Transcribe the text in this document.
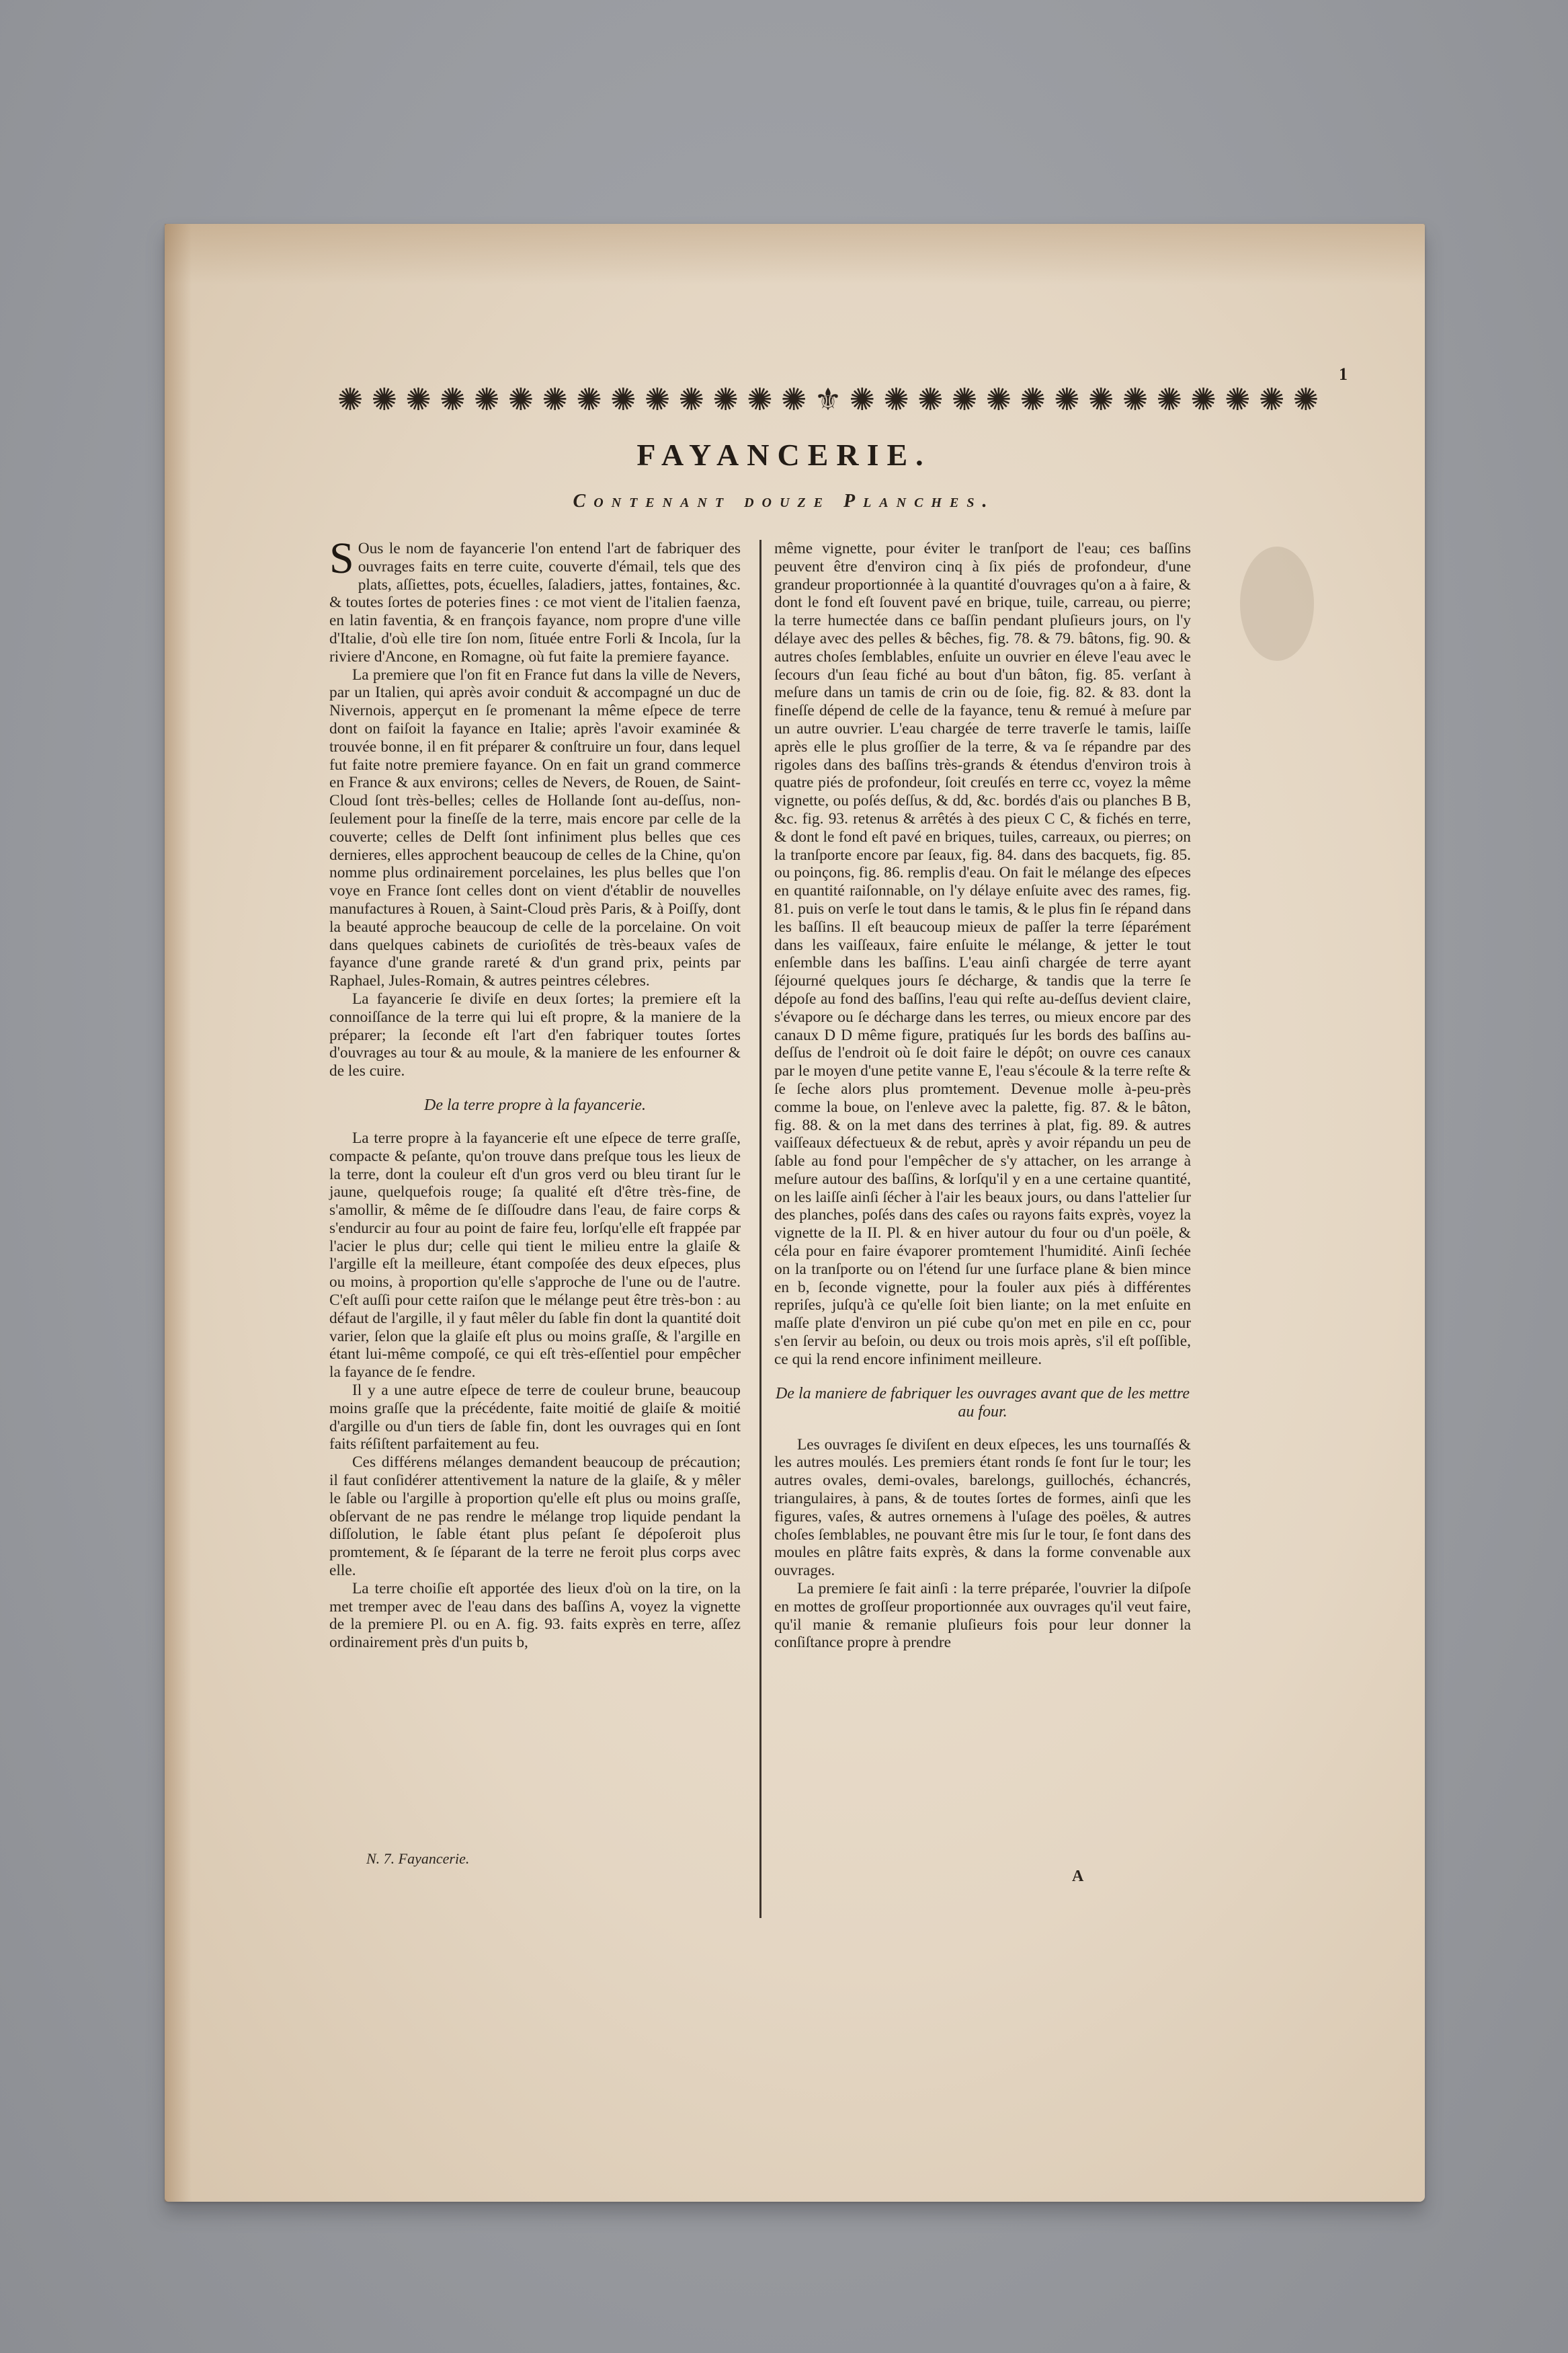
1
✺ ✺ ✺ ✺ ✺ ✺ ✺ ✺ ✺ ✺ ✺ ✺ ✺ ✺ ⚜ ✺ ✺ ✺ ✺ ✺ ✺ ✺ ✺ ✺ ✺ ✺ ✺ ✺ ✺
FAYANCERIE.
Contenant douze Planches.

S Ous le nom de fayancerie l'on entend l'art de fabriquer des ouvrages faits en terre cuite, couverte d'émail, tels que des plats, aſſiettes, pots, écuelles, ſaladiers, jattes, fontaines, &c. & toutes ſortes de poteries fines : ce mot vient de l'italien faenza, en latin faventia, & en françois fayance, nom propre d'une ville d'Italie, d'où elle tire ſon nom, ſituée entre Forli & Incola, ſur la riviere d'Ancone, en Romagne, où fut faite la premiere fayance.

La premiere que l'on fit en France fut dans la ville de Nevers, par un Italien, qui après avoir conduit & accompagné un duc de Nivernois, apperçut en ſe promenant la même eſpece de terre dont on faiſoit la fayance en Italie; après l'avoir examinée & trouvée bonne, il en fit préparer & conſtruire un four, dans lequel fut faite notre premiere fayance. On en fait un grand commerce en France & aux environs; celles de Nevers, de Rouen, de Saint-Cloud ſont très-belles; celles de Hollande ſont au-deſſus, non-ſeulement pour la fineſſe de la terre, mais encore par celle de la couverte; celles de Delft ſont infiniment plus belles que ces dernieres, elles approchent beaucoup de celles de la Chine, qu'on nomme plus ordinairement porcelaines, les plus belles que l'on voye en France ſont celles dont on vient d'établir de nouvelles manufactures à Rouen, à Saint-Cloud près Paris, & à Poiſſy, dont la beauté approche beaucoup de celle de la porcelaine. On voit dans quelques cabinets de curioſités de très-beaux vaſes de fayance d'une grande rareté & d'un grand prix, peints par Raphael, Jules-Romain, & autres peintres célebres.

La fayancerie ſe diviſe en deux ſortes; la premiere eſt la connoiſſance de la terre qui lui eſt propre, & la maniere de la préparer; la ſeconde eſt l'art d'en fabriquer toutes ſortes d'ouvrages au tour & au moule, & la maniere de les enfourner & de les cuire.

De la terre propre à la fayancerie.

La terre propre à la fayancerie eſt une eſpece de terre graſſe, compacte & peſante, qu'on trouve dans preſque tous les lieux de la terre, dont la couleur eſt d'un gros verd ou bleu tirant ſur le jaune, quelquefois rouge; ſa qualité eſt d'être très-fine, de s'amollir, & même de ſe diſſoudre dans l'eau, de faire corps & s'endurcir au four au point de faire feu, lorſqu'elle eſt frappée par l'acier le plus dur; celle qui tient le milieu entre la glaiſe & l'argille eſt la meilleure, étant compoſée des deux eſpeces, plus ou moins, à proportion qu'elle s'approche de l'une ou de l'autre. C'eſt auſſi pour cette raiſon que le mélange peut être très-bon : au défaut de l'argille, il y faut mêler du ſable fin dont la quantité doit varier, ſelon que la glaiſe eſt plus ou moins graſſe, & l'argille en étant lui-même compoſé, ce qui eſt très-eſſentiel pour empêcher la fayance de ſe fendre.

Il y a une autre eſpece de terre de couleur brune, beaucoup moins graſſe que la précédente, faite moitié de glaiſe & moitié d'argille ou d'un tiers de ſable fin, dont les ouvrages qui en ſont faits réſiſtent parfaitement au feu.

Ces différens mélanges demandent beaucoup de précaution; il faut conſidérer attentivement la nature de la glaiſe, & y mêler le ſable ou l'argille à proportion qu'elle eſt plus ou moins graſſe, obſervant de ne pas rendre le mélange trop liquide pendant la diſſolution, le ſable étant plus peſant ſe dépoſeroit plus promtement, & ſe ſéparant de la terre ne feroit plus corps avec elle.

La terre choiſie eſt apportée des lieux d'où on la tire, on la met tremper avec de l'eau dans des baſſins A, voyez la vignette de la premiere Pl. ou en A. fig. 93. faits exprès en terre, aſſez ordinairement près d'un puits b,

même vignette, pour éviter le tranſport de l'eau; ces baſſins peuvent être d'environ cinq à ſix piés de profondeur, d'une grandeur proportionnée à la quantité d'ouvrages qu'on a à faire, & dont le fond eſt ſouvent pavé en brique, tuile, carreau, ou pierre; la terre humectée dans ce baſſin pendant pluſieurs jours, on l'y délaye avec des pelles & bêches, fig. 78. & 79. bâtons, fig. 90. & autres choſes ſemblables, enſuite un ouvrier en éleve l'eau avec le ſecours d'un ſeau fiché au bout d'un bâton, fig. 85. verſant à meſure dans un tamis de crin ou de ſoie, fig. 82. & 83. dont la fineſſe dépend de celle de la fayance, tenu & remué à meſure par un autre ouvrier. L'eau chargée de terre traverſe le tamis, laiſſe après elle le plus groſſier de la terre, & va ſe répandre par des rigoles dans des baſſins très-grands & étendus d'environ trois à quatre piés de profondeur, ſoit creuſés en terre cc, voyez la même vignette, ou poſés deſſus, & dd, &c. bordés d'ais ou planches B B, &c. fig. 93. retenus & arrêtés à des pieux C C, & fichés en terre, & dont le fond eſt pavé en briques, tuiles, carreaux, ou pierres; on la tranſporte encore par ſeaux, fig. 84. dans des bacquets, fig. 85. ou poinçons, fig. 86. remplis d'eau. On fait le mélange des eſpeces en quantité raiſonnable, on l'y délaye enſuite avec des rames, fig. 81. puis on verſe le tout dans le tamis, & le plus fin ſe répand dans les baſſins. Il eſt beaucoup mieux de paſſer la terre ſéparément dans les vaiſſeaux, faire enſuite le mélange, & jetter le tout enſemble dans les baſſins. L'eau ainſi chargée de terre ayant ſéjourné quelques jours ſe décharge, & tandis que la terre ſe dépoſe au fond des baſſins, l'eau qui reſte au-deſſus devient claire, s'évapore ou ſe décharge dans les terres, ou mieux encore par des canaux D D même figure, pratiqués ſur les bords des baſſins au-deſſus de l'endroit où ſe doit faire le dépôt; on ouvre ces canaux par le moyen d'une petite vanne E, l'eau s'écoule & la terre reſte & ſe ſeche alors plus promtement. Devenue molle à-peu-près comme la boue, on l'enleve avec la palette, fig. 87. & le bâton, fig. 88. & on la met dans des terrines à plat, fig. 89. & autres vaiſſeaux défectueux & de rebut, après y avoir répandu un peu de ſable au fond pour l'empêcher de s'y attacher, on les arrange à meſure autour des baſſins, & lorſqu'il y en a une certaine quantité, on les laiſſe ainſi ſécher à l'air les beaux jours, ou dans l'attelier ſur des planches, poſés dans des caſes ou rayons faits exprès, voyez la vignette de la II. Pl. & en hiver autour du four ou d'un poële, & céla pour en faire évaporer promtement l'humidité. Ainſi ſechée on la tranſporte ou on l'étend ſur une ſurface plane & bien mince en b, ſeconde vignette, pour la fouler aux piés à différentes repriſes, juſqu'à ce qu'elle ſoit bien liante; on la met enſuite en maſſe plate d'environ un pié cube qu'on met en pile en cc, pour s'en ſervir au beſoin, ou deux ou trois mois après, s'il eſt poſſible, ce qui la rend encore infiniment meilleure.

De la maniere de fabriquer les ouvrages avant que de les mettre au four.

Les ouvrages ſe diviſent en deux eſpeces, les uns tournaſſés & les autres moulés. Les premiers étant ronds ſe font ſur le tour; les autres ovales, demi-ovales, barelongs, guillochés, échancrés, triangulaires, à pans, & de toutes ſortes de formes, ainſi que les figures, vaſes, & autres ornemens à l'uſage des poëles, & autres choſes ſemblables, ne pouvant être mis ſur le tour, ſe font dans des moules en plâtre faits exprès, & dans la forme convenable aux ouvrages.

La premiere ſe fait ainſi : la terre préparée, l'ouvrier la diſpoſe en mottes de groſſeur proportionnée aux ouvrages qu'il veut faire, qu'il manie & remanie pluſieurs fois pour leur donner la conſiſtance propre à prendre

N. 7. Fayancerie.
A
